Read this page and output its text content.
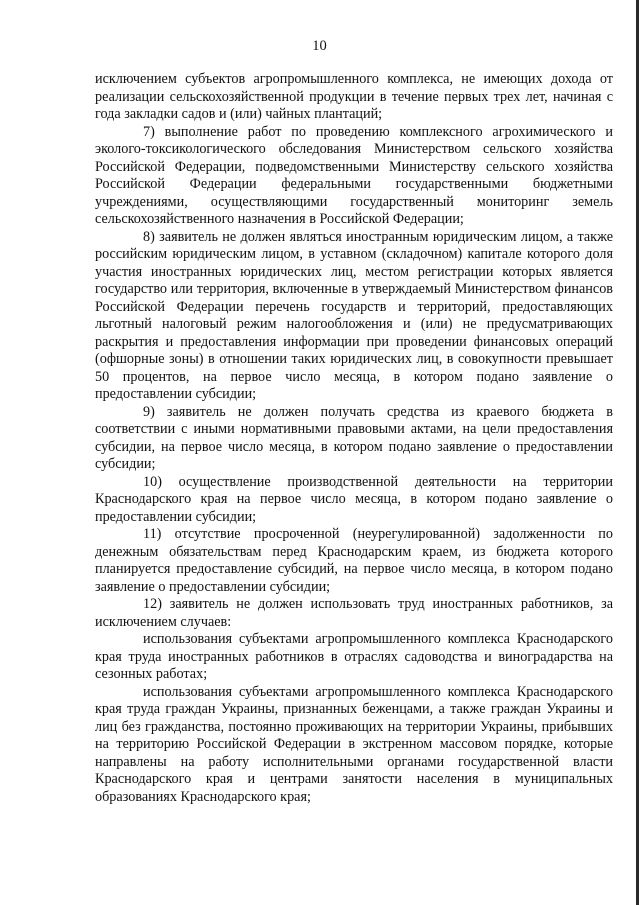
10

исключением субъектов агропромышленного комплекса, не имеющих дохода от реализации сельскохозяйственной продукции в течение первых трех лет, начиная с года закладки садов и (или) чайных плантаций;

7) выполнение работ по проведению комплексного агрохимического и эколого-токсикологического обследования Министерством сельского хозяйства Российской Федерации, подведомственными Министерству сельского хозяйства Российской Федерации федеральными государственными бюджетными учреждениями, осуществляющими государственный мониторинг земель сельскохозяйственного назначения в Российской Федерации;

8) заявитель не должен являться иностранным юридическим лицом, а также российским юридическим лицом, в уставном (складочном) капитале которого доля участия иностранных юридических лиц, местом регистрации которых является государство или территория, включенные в утверждаемый Министерством финансов Российской Федерации перечень государств и территорий, предоставляющих льготный налоговый режим налогообложения и (или) не предусматривающих раскрытия и предоставления информации при проведении финансовых операций (офшорные зоны) в отношении таких юридических лиц, в совокупности превышает 50 процентов, на первое число месяца, в котором подано заявление о предоставлении субсидии;

9) заявитель не должен получать средства из краевого бюджета в соответствии с иными нормативными правовыми актами, на цели предоставления субсидии, на первое число месяца, в котором подано заявление о предоставлении субсидии;

10) осуществление производственной деятельности на территории Краснодарского края на первое число месяца, в котором подано заявление о предоставлении субсидии;

11) отсутствие просроченной (неурегулированной) задолженности по денежным обязательствам перед Краснодарским краем, из бюджета которого планируется предоставление субсидий, на первое число месяца, в котором подано заявление о предоставлении субсидии;

12) заявитель не должен использовать труд иностранных работников, за исключением случаев:

использования субъектами агропромышленного комплекса Краснодарского края труда иностранных работников в отраслях садоводства и виноградарства на сезонных работах;

использования субъектами агропромышленного комплекса Краснодарского края труда граждан Украины, признанных беженцами, а также граждан Украины и лиц без гражданства, постоянно проживающих на территории Украины, прибывших на территорию Российской Федерации в экстренном массовом порядке, которые направлены на работу исполнительными органами государственной власти Краснодарского края и центрами занятости населения в муниципальных образованиях Краснодарского края;
